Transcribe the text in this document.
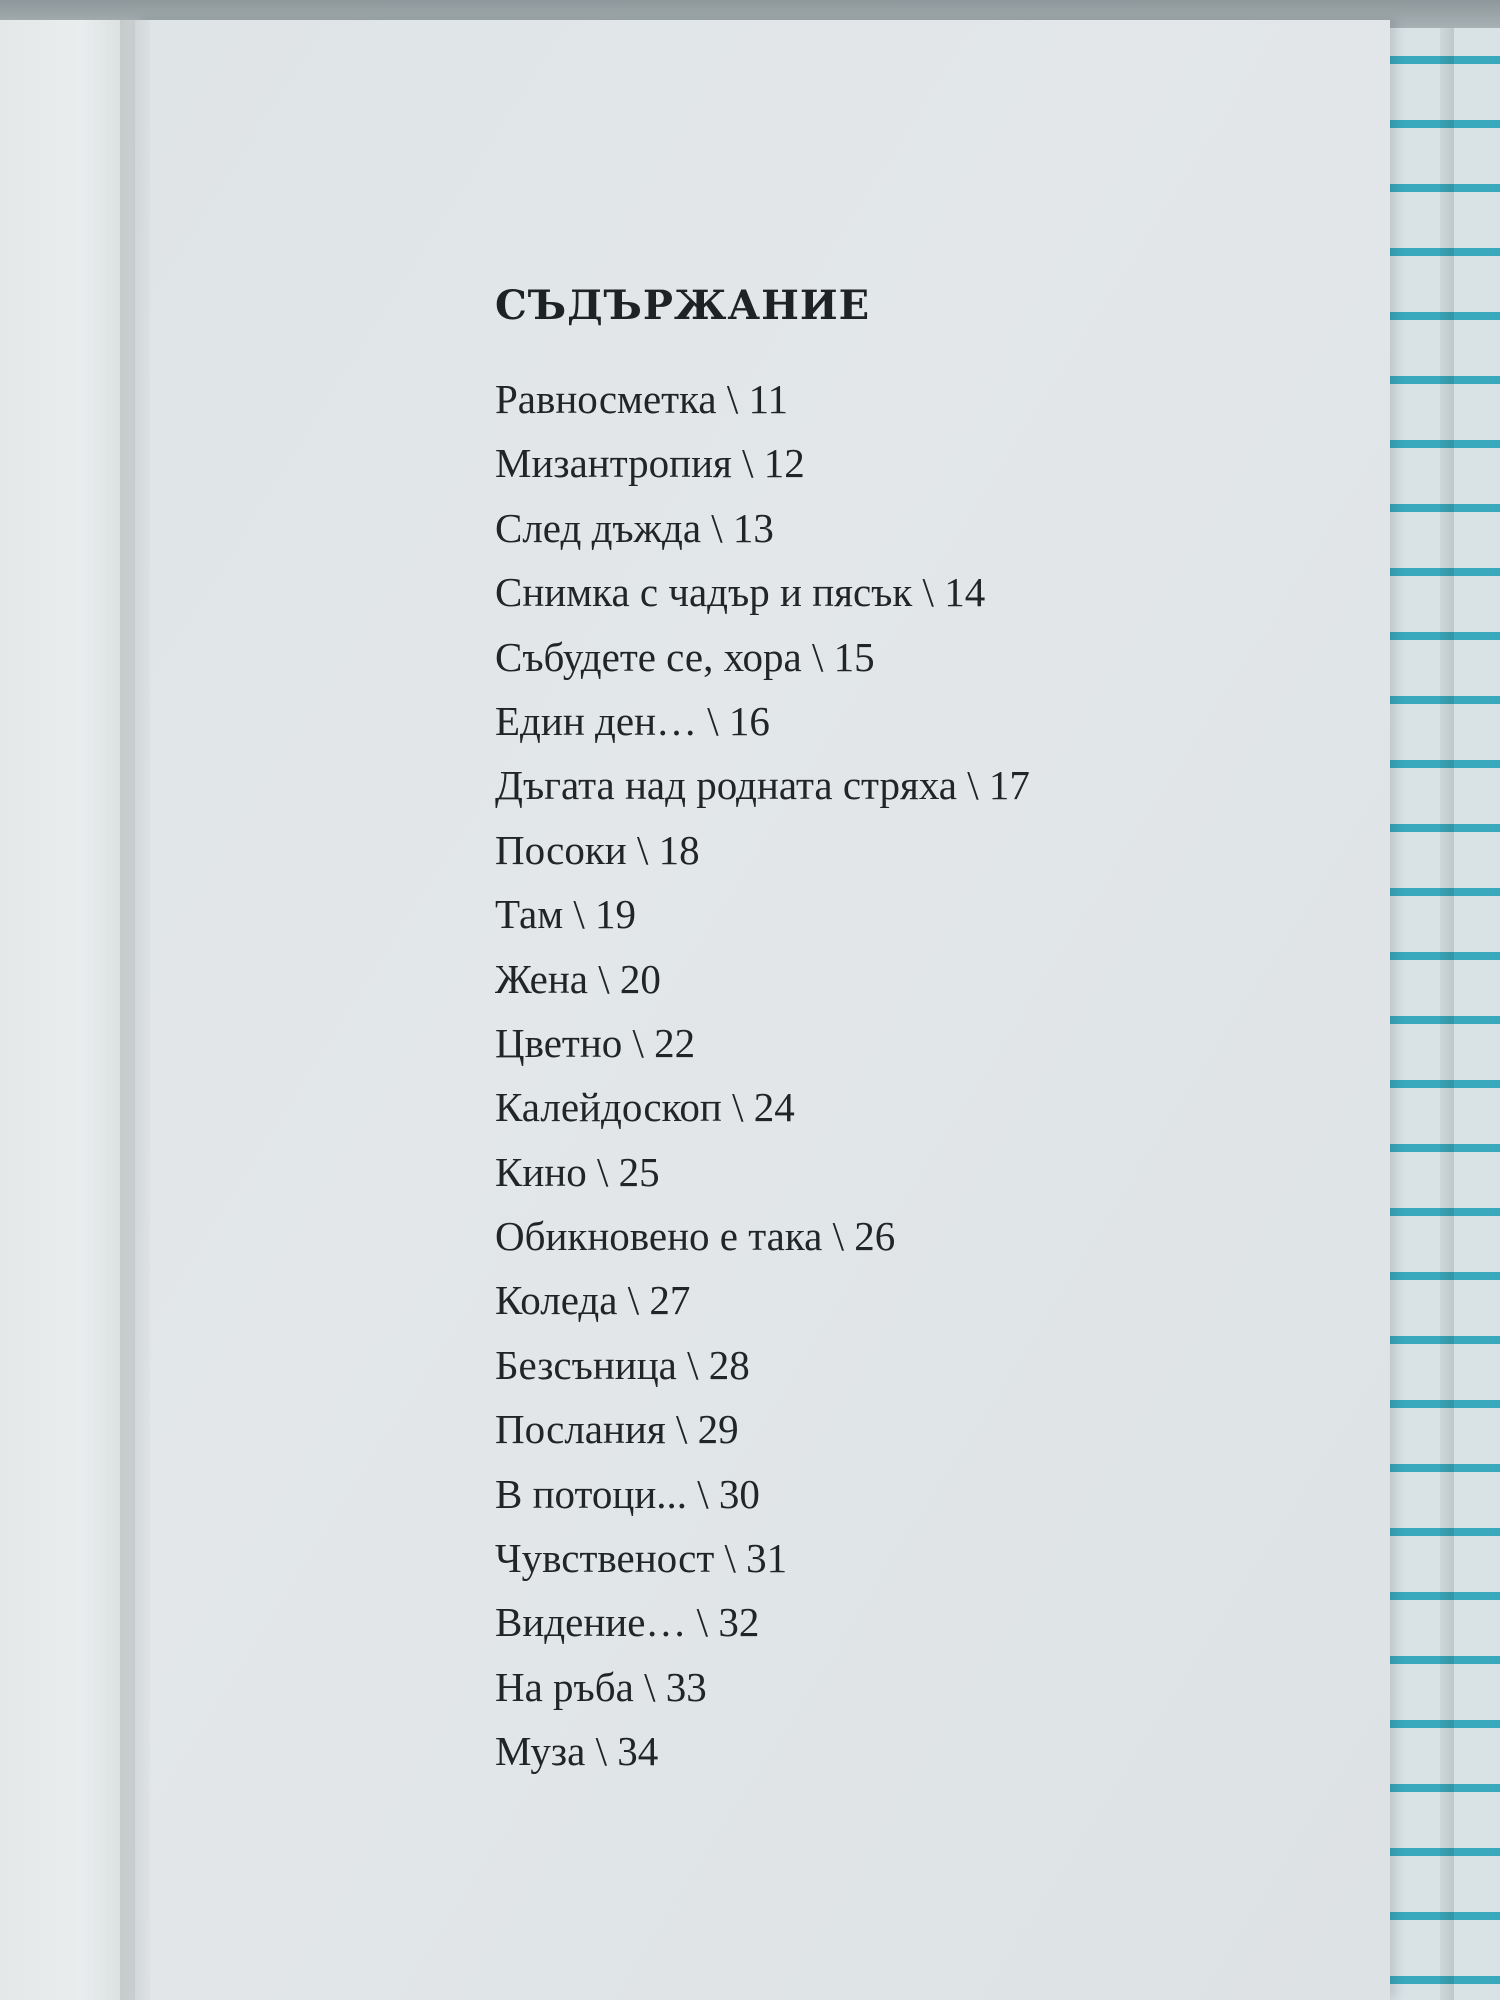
СЪДЪРЖАНИЕ
Равносметка \ 11
Мизантропия \ 12
След дъжда \ 13
Снимка с чадър и пясък \ 14
Събудете се, хора \ 15
Един ден… \ 16
Дъгата над родната стряха \ 17
Посоки \ 18
Там \ 19
Жена \ 20
Цветно \ 22
Калейдоскоп \ 24
Кино \ 25
Обикновено е така \ 26
Коледа \ 27
Безсъница \ 28
Послания \ 29
В потоци... \ 30
Чувственост \ 31
Видение… \ 32
На ръба \ 33
Муза \ 34
